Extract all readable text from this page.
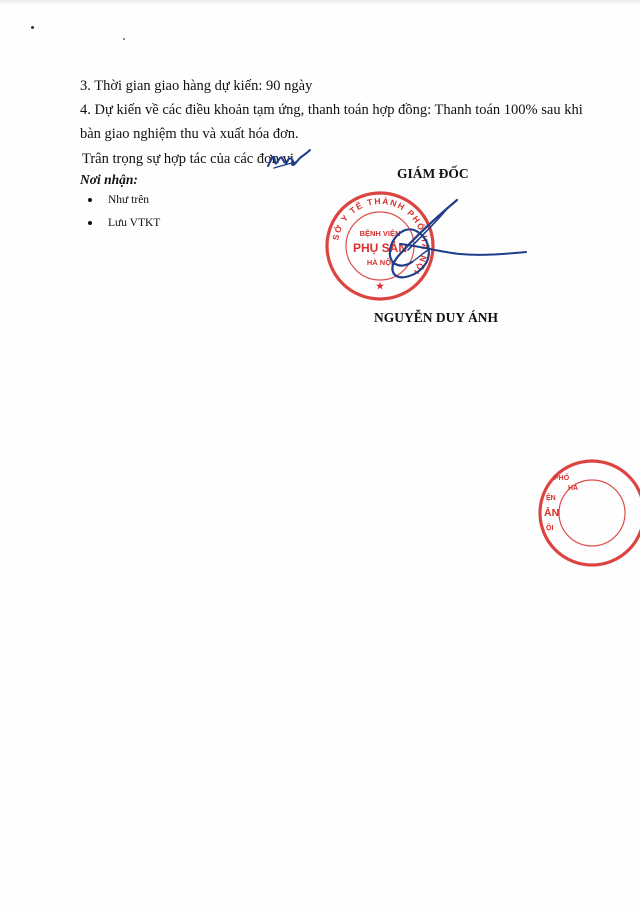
3. Thời gian giao hàng dự kiến: 90 ngày
4. Dự kiến về các điều khoản tạm ứng, thanh toán hợp đồng: Thanh toán 100% sau khi
bàn giao nghiệm thu và xuất hóa đơn.
Trân trọng sự hợp tác của các đơn vị.
Nơi nhận:
Như trên
Lưu VTKT
GIÁM ĐỐC
SỞ Y TẾ THÀNH PHỐ HÀ NỘI
BỆNH VIỆN
PHỤ SẢN
HÀ NỘI
★
NGUYỄN DUY ÁNH
PHỐ
HÀ
ỆN
ẢN
ỘI
